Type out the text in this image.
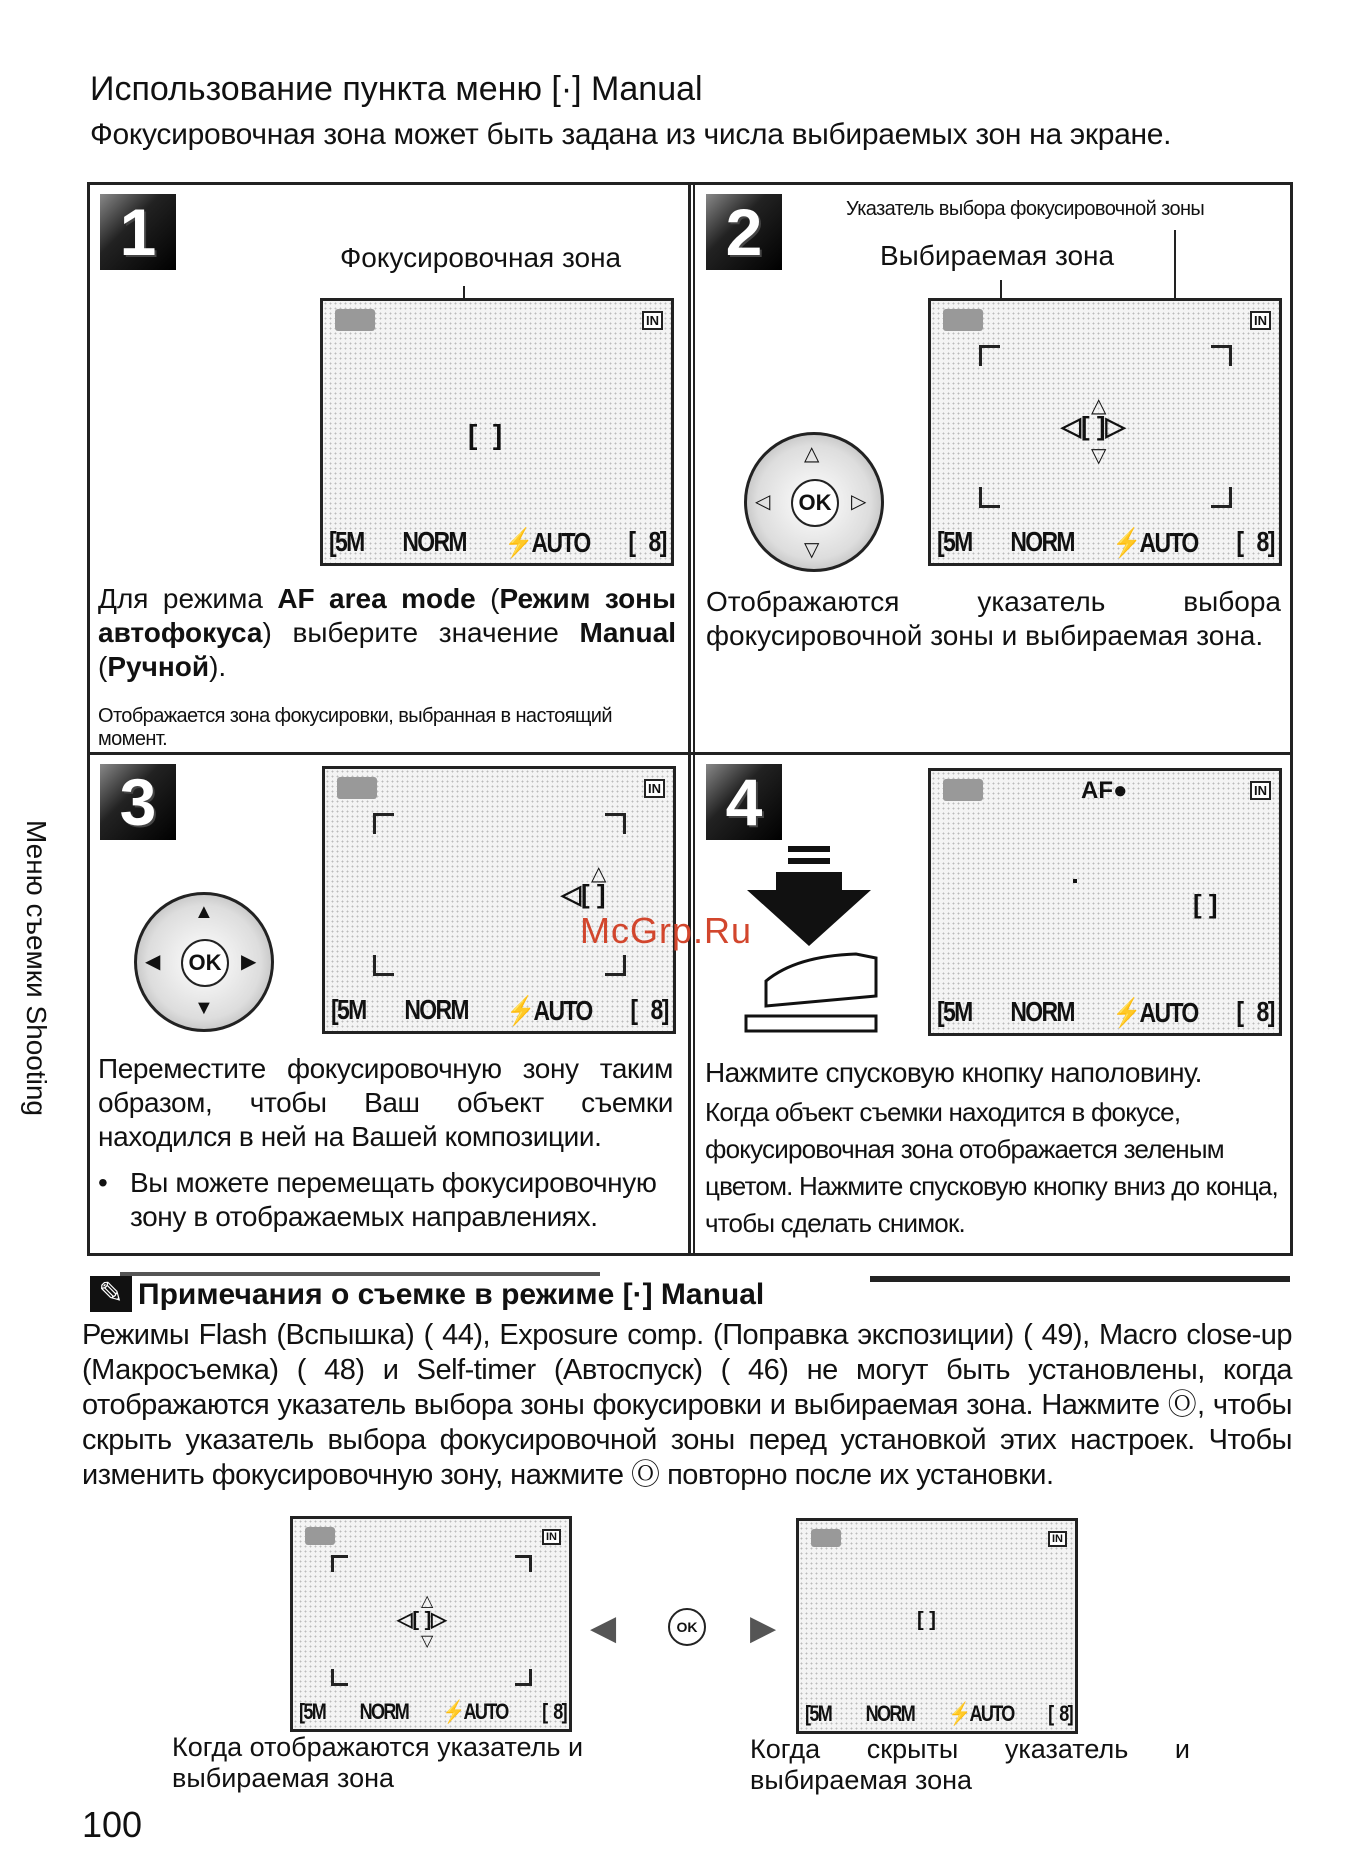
Использование пункта меню [·] Manual
Фокусировочная зона может быть задана из числа выбираемых зон на экране.
Меню съемки Shooting
1	Фокусировочная зона
IN
[  ]
[5M NORM ⚡AUTO [   8]
Для режима AF area mode (Режим зоны автофокуса) выберите значение Manual (Ручной).
Отображается зона фокусировки, выбранная в настоящий момент.
2	Указатель выбора фокусировочной зоны
Выбираемая зона
OK
△
▽
◁	▷
IN
△
◁[ ]▷
▽
[5M NORM ⚡AUTO [   8]
Отображаются указатель выбора фокусировочной зоны и выбираемая зона.
3
OK
▲
▼
◀	▶
IN
△
◁[ ]
[5M NORM ⚡AUTO [   8]
Переместите фокусировочную зону таким образом, чтобы Ваш объект съемки находился в ней на Вашей композиции.
• Вы можете перемещать фокусировочную зону в отображаемых направлениях.
4	IN
AF●
[ ]
[5M NORM ⚡AUTO [   8]
Нажмите спусковую кнопку наполовину.
Когда объект съемки находится в фокусе, фокусировочная зона отображается зеленым цветом. Нажмите спусковую кнопку вниз до конца, чтобы сделать снимок.
McGrp.Ru
✎ Примечания о съемке в режиме [·] Manual
Режимы Flash (Вспышка) ( 44), Exposure comp. (Поправка экспозиции) ( 49), Macro close-up (Макросъемка) ( 48) и Self-timer (Автоспуск) ( 46) не могут быть установлены, когда отображаются указатель выбора зоны фокусировки и выбираемая зона. Нажмите Ⓞ, чтобы скрыть указатель выбора фокусировочной зоны перед установкой этих настроек. Чтобы изменить фокусировочную зону, нажмите Ⓞ повторно после их установки.
IN
△
◁[ ]▷
▽
[5M NORM ⚡AUTO [  8]
◀	OK ▶
IN
[ ]
[5M NORM ⚡AUTO [  8]
Когда отображаются указатель и выбираемая зона
Когда скрыты указатель и выбираемая зона
100
